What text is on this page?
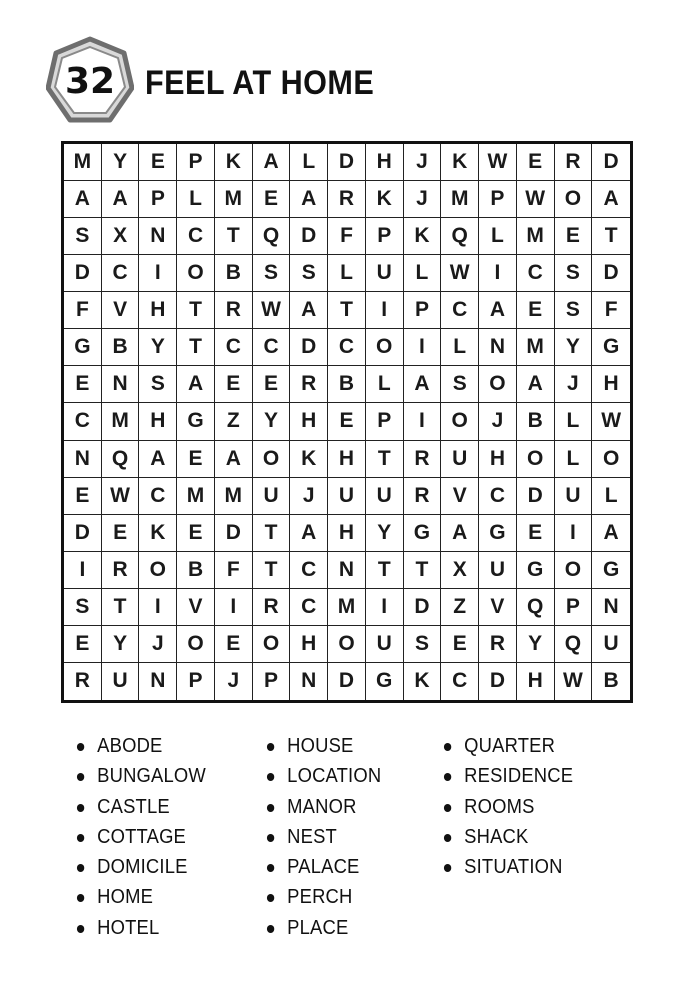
32 FEEL AT HOME
M	Y	E	P	K	A	L	D	H	J	K W E	R	D
A	A	P	L	M	E	A	R	K	J	M	P W O	A
S	X	N	C	T	Q	D	F	P	K	Q	L	M	E	T
D	C	I	O	B	S	S	L	U	L	W	I	C	S	D
F	V	H	T	R W A	T	I	P	C	A	E	S	F
G	B	Y	T	C	C	D	C	O	I	L	N	M	Y	G
E	N	S	A	E	E	R	B	L	A	S	O	A	J	H
C	M	H	G	Z	Y	H	E	P	I	O	J	B	L	W
N	Q	A	E	A	O	K	H	T	R	U	H	O	L	O
E W C	M M	U	J	U	U	R	V	C	D	U	L
D	E	K	E	D	T	A	H	Y	G	A	G	E	I	A
I	R	O	B	F	T	C	N	T	T	X	U	G	O	G
S	T	I	V	I	R	C	M	I	D	Z	V	Q	P	N
E	Y	J	O	E	O	H	O	U	S	E	R	Y	Q	U
R	U	N	P	J	P	N	D	G	K	C	D	H W B
ABODE
BUNGALOW
CASTLE
COTTAGE
DOMICILE
HOME
HOTEL
HOUSE
LOCATION
MANOR
NEST
PALACE
PERCH
PLACE
QUARTER
RESIDENCE
ROOMS
SHACK
SITUATION
